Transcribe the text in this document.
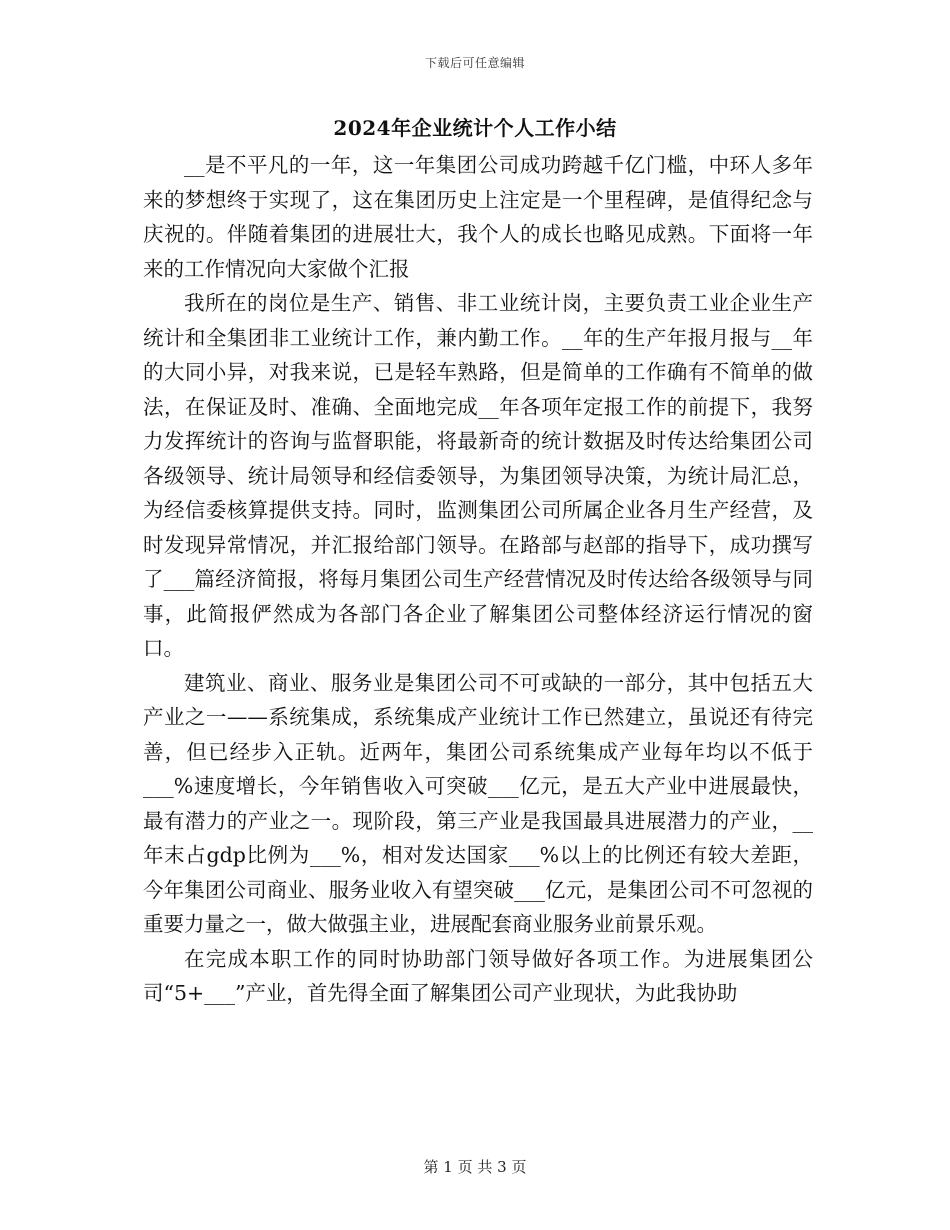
下载后可任意编辑
2024年企业统计个人工作小结

__是不平凡的一年，这一年集团公司成功跨越千亿门槛，中环人多年来的梦想终于实现了，这在集团历史上注定是一个里程碑，是值得纪念与庆祝的。伴随着集团的进展壮大，我个人的成长也略见成熟。下面将一年来的工作情况向大家做个汇报

我所在的岗位是生产、销售、非工业统计岗，主要负责工业企业生产统计和全集团非工业统计工作，兼内勤工作。__年的生产年报月报与__年的大同小异，对我来说，已是轻车熟路，但是简单的工作确有不简单的做法，在保证及时、准确、全面地完成__年各项年定报工作的前提下，我努力发挥统计的咨询与监督职能，将最新奇的统计数据及时传达给集团公司各级领导、统计局领导和经信委领导，为集团领导决策，为统计局汇总，为经信委核算提供支持。同时，监测集团公司所属企业各月生产经营，及时发现异常情况，并汇报给部门领导。在路部与赵部的指导下，成功撰写了___篇经济简报，将每月集团公司生产经营情况及时传达给各级领导与同事，此简报俨然成为各部门各企业了解集团公司整体经济运行情况的窗口。

建筑业、商业、服务业是集团公司不可或缺的一部分，其中包括五大产业之一——系统集成，系统集成产业统计工作已然建立，虽说还有待完善，但已经步入正轨。近两年，集团公司系统集成产业每年均以不低于___%速度增长，今年销售收入可突破___亿元，是五大产业中进展最快，最有潜力的产业之一。现阶段，第三产业是我国最具进展潜力的产业，__年末占gdp比例为___%，相对发达国家___%以上的比例还有较大差距，今年集团公司商业、服务业收入有望突破___亿元，是集团公司不可忽视的重要力量之一，做大做强主业，进展配套商业服务业前景乐观。

在完成本职工作的同时协助部门领导做好各项工作。为进展集团公司“5+___”产业，首先得全面了解集团公司产业现状，为此我协助

第 1 页 共 3 页
